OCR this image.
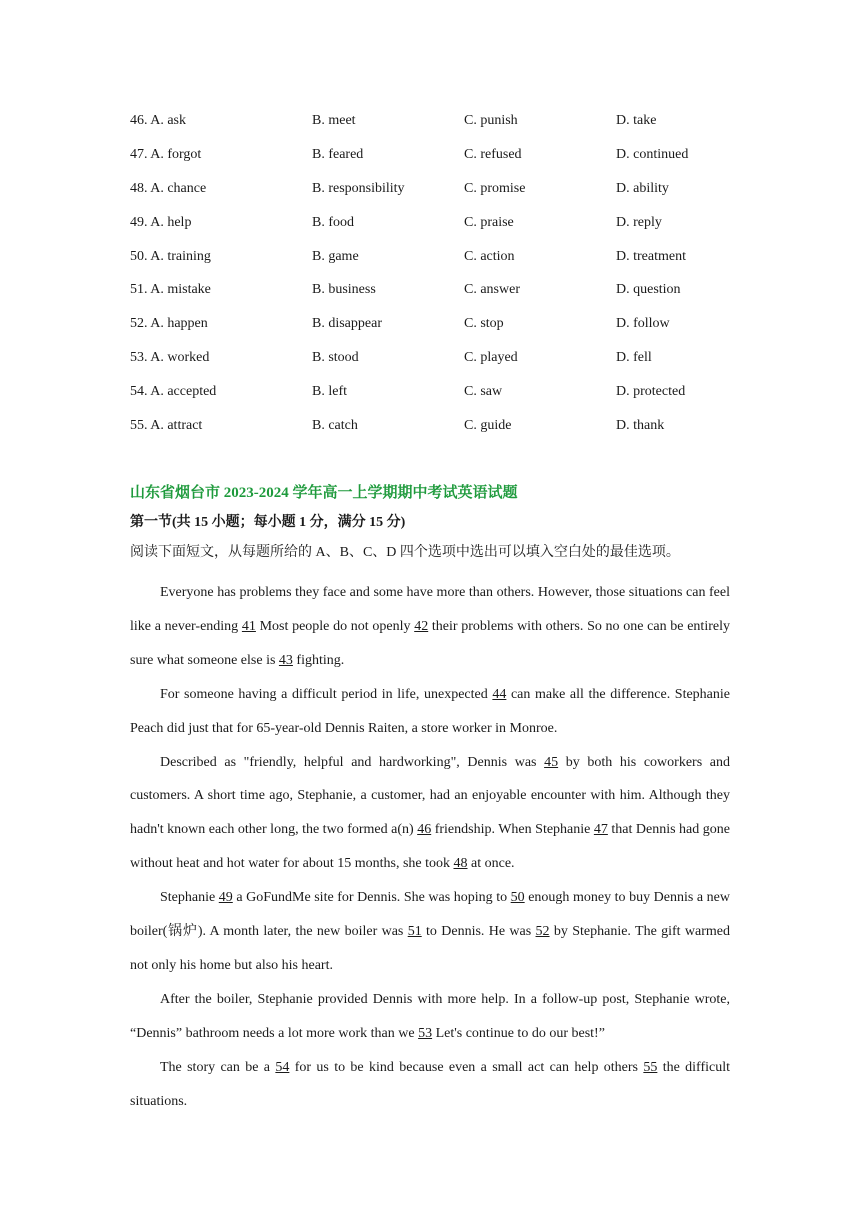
46. A. ask	B. meet	C. punish	D. take
47. A. forgot	B. feared	C. refused	D. continued
48. A. chance	B. responsibility	C. promise	D. ability
49. A. help	B. food	C. praise	D. reply
50. A. training	B. game	C. action	D. treatment
51. A. mistake	B. business	C. answer	D. question
52. A. happen	B. disappear	C. stop	D. follow
53. A. worked	B. stood	C. played	D. fell
54. A. accepted	B. left	C. saw	D. protected
55. A. attract	B. catch	C. guide	D. thank
山东省烟台市 2023-2024 学年高一上学期期中考试英语试题
第一节(共 15 小题；每小题 1 分，满分 15 分)
阅读下面短文，从每题所给的 A、B、C、D 四个选项中选出可以填入空白处的最佳选项。

Everyone has problems they face and some have more than others. However, those situations can feel like a never-ending 41 Most people do not openly 42 their problems with others. So no one can be entirely sure what someone else is 43 fighting.

For someone having a difficult period in life, unexpected 44 can make all the difference. Stephanie Peach did just that for 65-year-old Dennis Raiten, a store worker in Monroe.

Described as "friendly, helpful and hardworking", Dennis was 45 by both his coworkers and customers. A short time ago, Stephanie, a customer, had an enjoyable encounter with him. Although they hadn't known each other long, the two formed a(n) 46 friendship. When Stephanie 47 that Dennis had gone without heat and hot water for about 15 months, she took 48 at once.

Stephanie 49 a GoFundMe site for Dennis. She was hoping to 50 enough money to buy Dennis a new boiler(锅炉). A month later, the new boiler was 51 to Dennis. He was 52 by Stephanie. The gift warmed not only his home but also his heart.

After the boiler, Stephanie provided Dennis with more help. In a follow-up post, Stephanie wrote, “Dennis” bathroom needs a lot more work than we 53 Let's continue to do our best!”

The story can be a 54 for us to be kind because even a small act can help others 55 the difficult situations.
